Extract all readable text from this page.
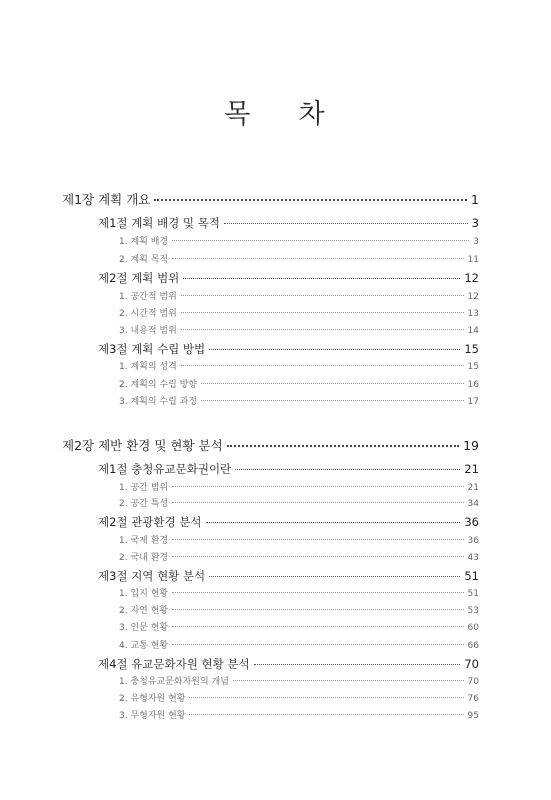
목 차
제1장 계획 개요	1
제1절 계획 배경 및 목적	3
1. 계획 배경	3
2. 계획 목적	11
제2절 계획 범위	12
1. 공간적 범위	12
2. 시간적 범위	13
3. 내용적 범위	14
제3절 계획 수립 방법	15
1. 계획의 성격	15
2. 계획의 수립 방향	16
3. 계획의 수립 과정	17
제2장 제반 환경 및 현황 분석	19
제1절 충청유교문화권이란	21
1. 공간 범위	21
2. 공간 특성	34
제2절 관광환경 분석	36
1. 국제 환경	36
2. 국내 환경	43
제3절 지역 현황 분석	51
1. 입지 현황	51
2. 자연 현황	53
3. 인문 현황	60
4. 교통 현황	66
제4절 유교문화자원 현황 분석	70
1. 충청유교문화자원의 개념	70
2. 유형자원 현황	76
3. 무형자원 현황	95
